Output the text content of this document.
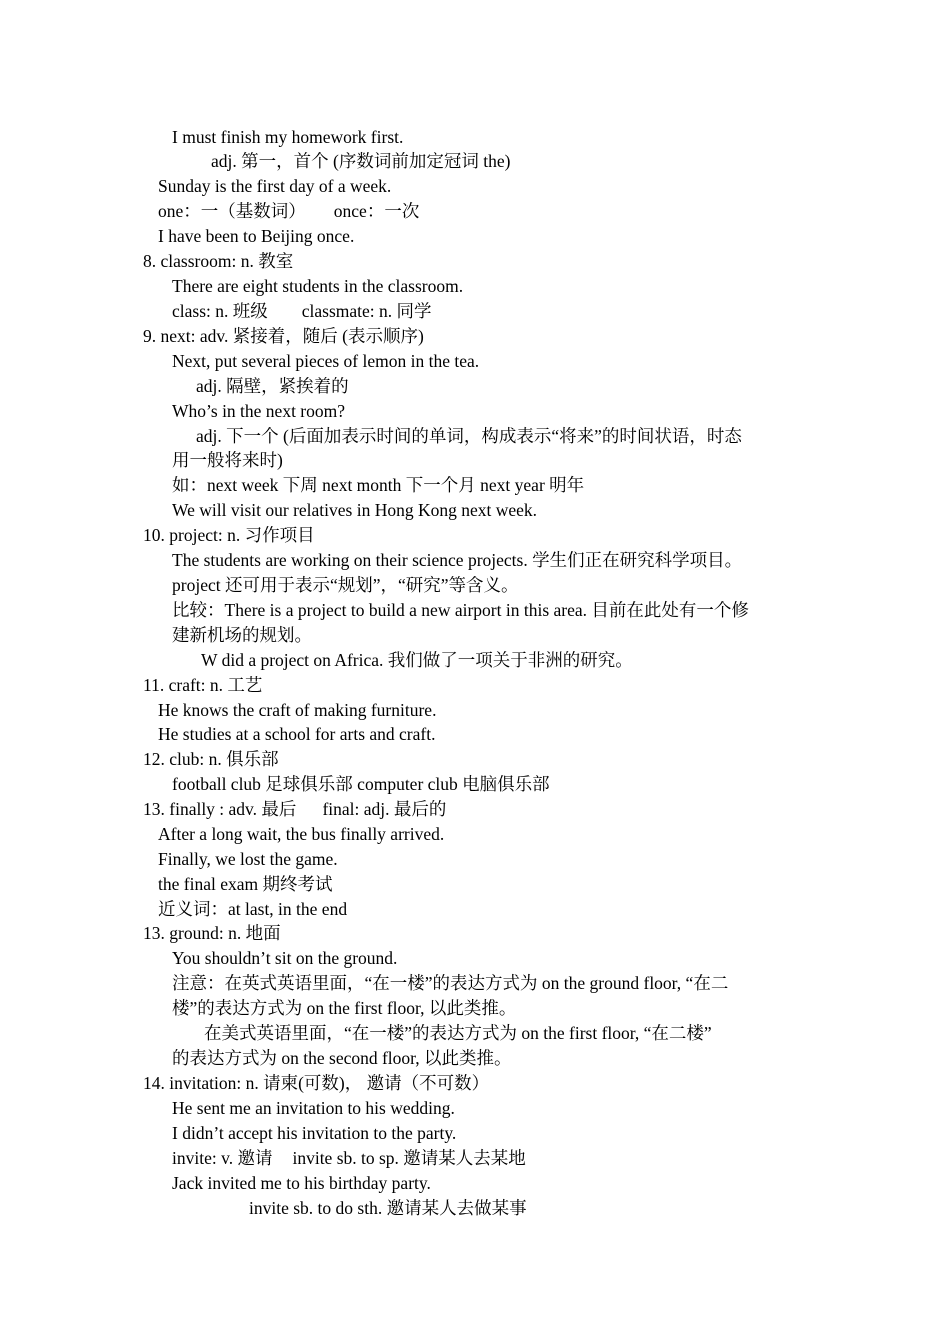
I must finish my homework first.
adj. 第一，首个 (序数词前加定冠词 the)
Sunday is the first day of a week.
one：一（基数词） once：一次
I have been to Beijing once.
8. classroom: n. 教室
There are eight students in the classroom.
class: n. 班级 classmate: n. 同学
9. next: adv. 紧接着，随后 (表示顺序)
Next, put several pieces of lemon in the tea.
adj. 隔壁，紧挨着的
Who’s in the next room?
adj. 下一个 (后面加表示时间的单词，构成表示“将来”的时间状语，时态
用一般将来时)
如：next week 下周 next month 下一个月 next year 明年
We will visit our relatives in Hong Kong next week.
10. project: n. 习作项目
The students are working on their science projects. 学生们正在研究科学项目。
project 还可用于表示“规划”，“研究”等含义。
比较：There is a project to build a new airport in this area. 目前在此处有一个修
建新机场的规划。
W did a project on Africa. 我们做了一项关于非洲的研究。
11. craft: n. 工艺
He knows the craft of making furniture.
He studies at a school for arts and craft.
12. club: n. 俱乐部
football club 足球俱乐部 computer club 电脑俱乐部
13. finally : adv. 最后 final: adj. 最后的
After a long wait, the bus finally arrived.
Finally, we lost the game.
the final exam 期终考试
近义词：at last, in the end
13. ground: n. 地面
You shouldn’t sit on the ground.
注意：在英式英语里面，“在一楼”的表达方式为 on the ground floor, “在二
楼”的表达方式为 on the first floor, 以此类推。
在美式英语里面，“在一楼”的表达方式为 on the first floor, “在二楼”
的表达方式为 on the second floor, 以此类推。
14. invitation: n. 请柬(可数)， 邀请（不可数）
He sent me an invitation to his wedding.
I didn’t accept his invitation to the party.
invite: v. 邀请 invite sb. to sp. 邀请某人去某地
Jack invited me to his birthday party.
invite sb. to do sth. 邀请某人去做某事
